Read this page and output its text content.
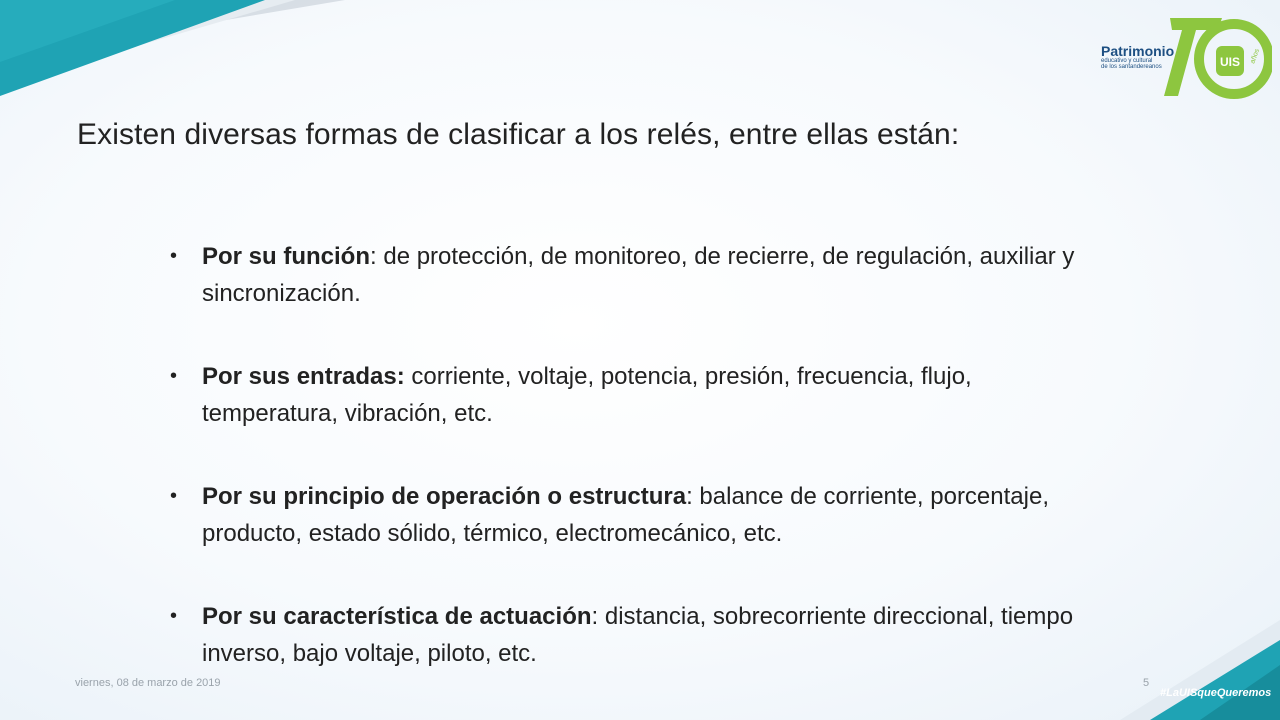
UIS años
Patrimonio
educativo y cultural
de los santandereanos
Existen diversas formas de clasificar a los relés, entre ellas están:
• Por su función: de protección, de monitoreo, de recierre, de regulación, auxiliar y sincronización.
• Por sus entradas: corriente, voltaje, potencia, presión, frecuencia, flujo, temperatura, vibración, etc.
• Por su principio de operación o estructura: balance de corriente, porcentaje, producto, estado sólido, térmico, electromecánico, etc.
• Por su característica de actuación: distancia, sobrecorriente direccional, tiempo inverso, bajo voltaje, piloto, etc.
viernes, 08 de marzo de 2019	5
#LaUISqueQueremos
